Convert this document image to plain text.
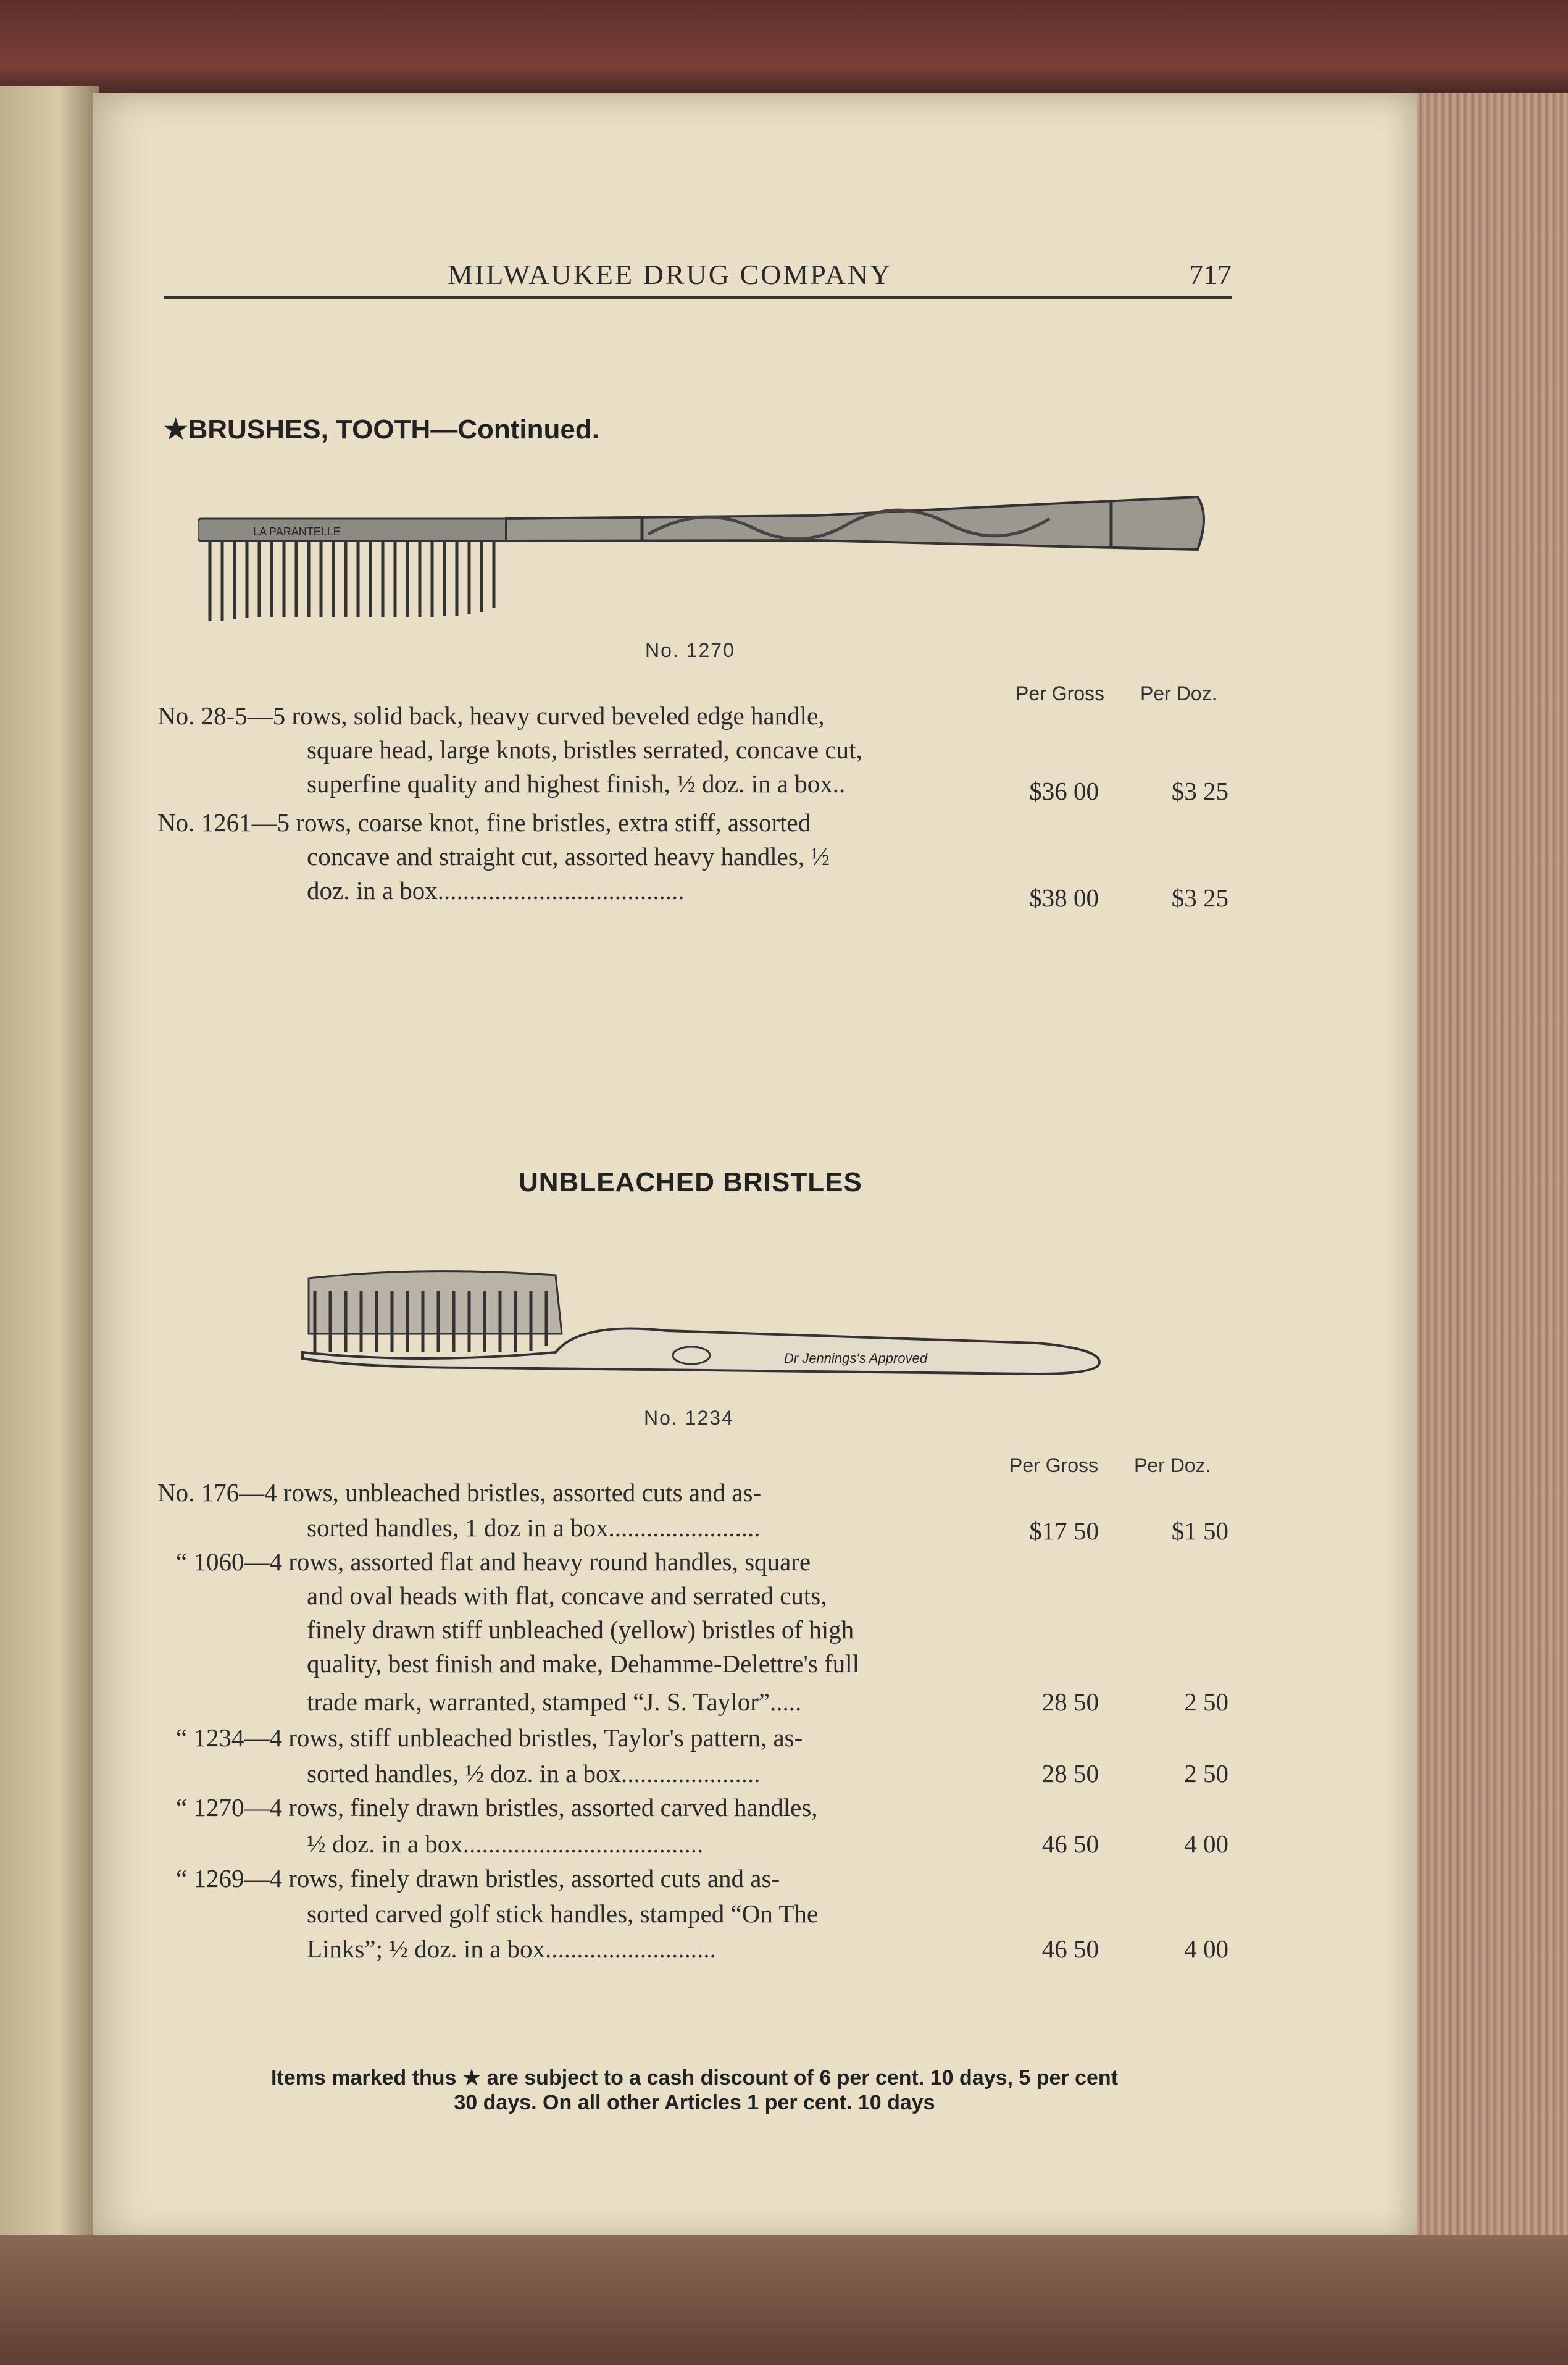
MILWAUKEE DRUG COMPANY	717
★BRUSHES, TOOTH—Continued.
LA PARANTELLE
No. 1270
Per Gross Per Doz.
No. 28-5—5 rows, solid back, heavy curved beveled edge handle,
square head, large knots, bristles serrated, concave cut,
superfine quality and highest finish, ½ doz. in a box..	$36 00	$3 25
No. 1261—5 rows, coarse knot, fine bristles, extra stiff, assorted
concave and straight cut, assorted heavy handles, ½
doz. in a box.......................................	$38 00	$3 25
UNBLEACHED BRISTLES
Dr Jennings's Approved
No. 1234
Per Gross Per Doz.
No. 176—4 rows, unbleached bristles, assorted cuts and as-
sorted handles, 1 doz in a box........................	$17 50	$1 50
“ 1060—4 rows, assorted flat and heavy round handles, square
and oval heads with flat, concave and serrated cuts,
finely drawn stiff unbleached (yellow) bristles of high
quality, best finish and make, Dehamme-Delettre's full
trade mark, warranted, stamped “J. S. Taylor”.....	28 50	2 50
“ 1234—4 rows, stiff unbleached bristles, Taylor's pattern, as-
sorted handles, ½ doz. in a box......................	28 50	2 50
“ 1270—4 rows, finely drawn bristles, assorted carved handles,
½ doz. in a box......................................	46 50	4 00
“ 1269—4 rows, finely drawn bristles, assorted cuts and as-
sorted carved golf stick handles, stamped “On The
Links”; ½ doz. in a box...........................	46 50	4 00
Items marked thus ★ are subject to a cash discount of 6 per cent. 10 days, 5 per cent
30 days. On all other Articles 1 per cent. 10 days
